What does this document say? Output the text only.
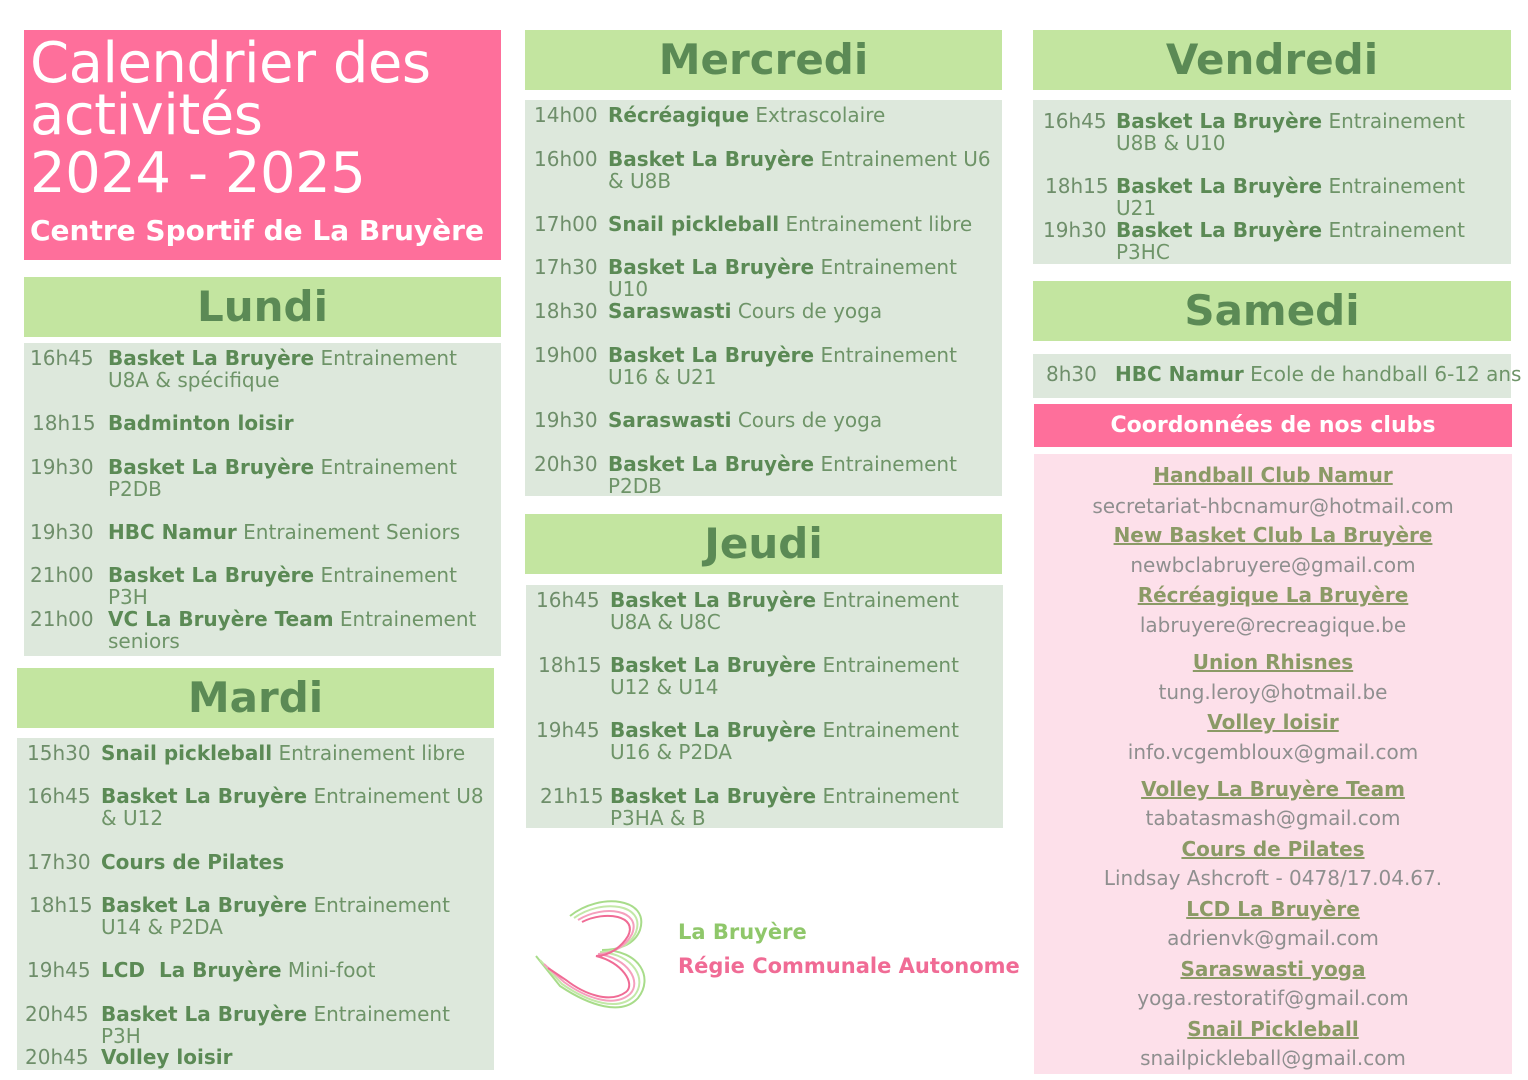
Calendrier des
activités
2024 - 2025
Centre Sportif de La Bruyère
Lundi
16h45 Basket La Bruyère Entrainement U8A & spécifique
18h15 Badminton loisir
19h30 Basket La Bruyère Entrainement P2DB
19h30 HBC Namur Entrainement Seniors
21h00 Basket La Bruyère Entrainement P3H
21h00 VC La Bruyère Team Entrainement seniors
Mardi
15h30 Snail pickleball Entrainement libre
16h45 Basket La Bruyère Entrainement U8 & U12
17h30 Cours de Pilates
18h15 Basket La Bruyère Entrainement U14 & P2DA
19h45 LCD  La Bruyère Mini-foot
20h45 Basket La Bruyère Entrainement P3H
20h45 Volley loisir
Mercredi
14h00 Récréagique Extrascolaire
16h00 Basket La Bruyère Entrainement U6 & U8B
17h00 Snail pickleball Entrainement libre
17h30 Basket La Bruyère Entrainement U10
18h30 Saraswasti Cours de yoga
19h00 Basket La Bruyère Entrainement U16 & U21
19h30 Saraswasti Cours de yoga
20h30 Basket La Bruyère Entrainement P2DB
Jeudi
16h45 Basket La Bruyère Entrainement U8A & U8C
18h15 Basket La Bruyère Entrainement U12 & U14
19h45 Basket La Bruyère Entrainement U16 & P2DA
21h15 Basket La Bruyère Entrainement P3HA & B
La Bruyère
Régie Communale Autonome
Vendredi
16h45 Basket La Bruyère Entrainement U8B & U10
18h15 Basket La Bruyère Entrainement U21
19h30 Basket La Bruyère Entrainement P3HC
Samedi
8h30 HBC Namur Ecole de handball 6-12 ans
Coordonnées de nos clubs
Handball Club Namur
secretariat-hbcnamur@hotmail.com
New Basket Club La Bruyère
newbclabruyere@gmail.com
Récréagique La Bruyère
labruyere@recreagique.be
Union Rhisnes
tung.leroy@hotmail.be
Volley loisir
info.vcgembloux@gmail.com
Volley La Bruyère Team
tabatasmash@gmail.com
Cours de Pilates
Lindsay Ashcroft - 0478/17.04.67.
LCD La Bruyère
adrienvk@gmail.com
Saraswasti yoga
yoga.restoratif@gmail.com
Snail Pickleball
snailpickleball@gmail.com
